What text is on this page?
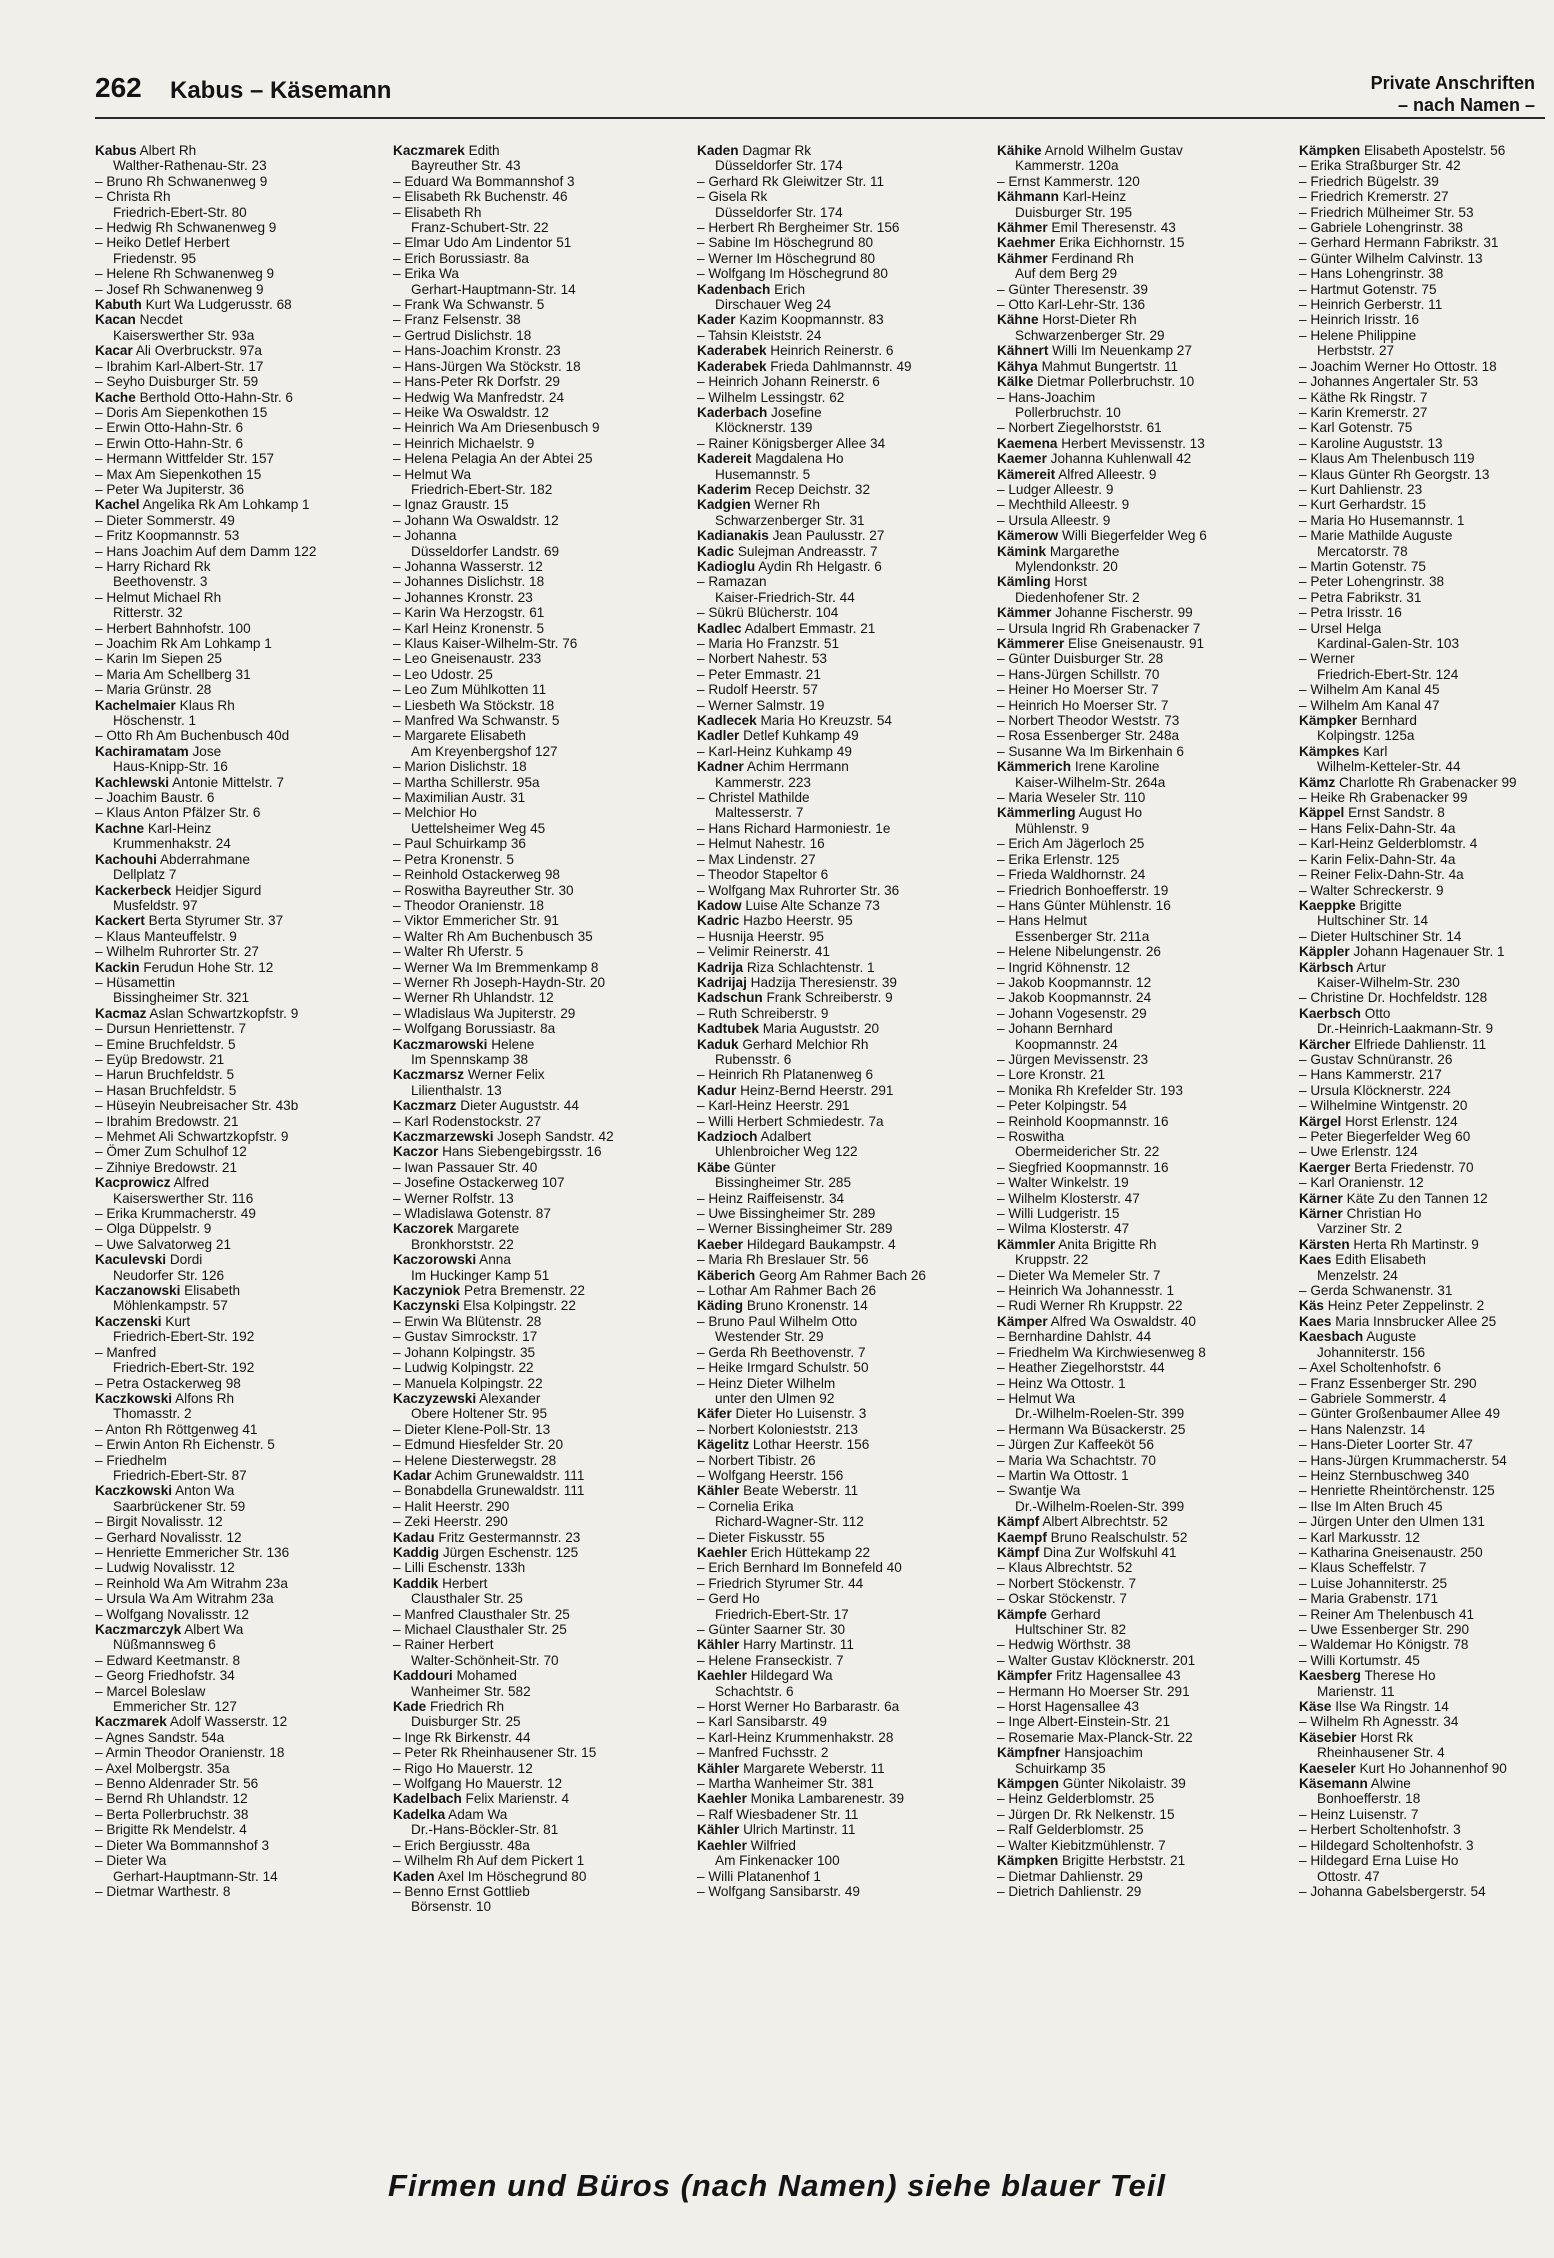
262 Kabus – Käsemann	Private Anschriften
– nach Namen –
Kabus Albert Rh
Walther-Rathenau-Str. 23
– Bruno Rh Schwanenweg 9
– Christa Rh
Friedrich-Ebert-Str. 80
– Hedwig Rh Schwanenweg 9
– Heiko Detlef Herbert
Friedenstr. 95
– Helene Rh Schwanenweg 9
– Josef Rh Schwanenweg 9
Kabuth Kurt Wa Ludgerusstr. 68
Kacan Necdet
Kaiserswerther Str. 93a
Kacar Ali Overbruckstr. 97a
– Ibrahim Karl-Albert-Str. 17
– Seyho Duisburger Str. 59
Kache Berthold Otto-Hahn-Str. 6
– Doris Am Siepenkothen 15
– Erwin Otto-Hahn-Str. 6
– Erwin Otto-Hahn-Str. 6
– Hermann Wittfelder Str. 157
– Max Am Siepenkothen 15
– Peter Wa Jupiterstr. 36
Kachel Angelika Rk Am Lohkamp 1
– Dieter Sommerstr. 49
– Fritz Koopmannstr. 53
– Hans Joachim Auf dem Damm 122
– Harry Richard Rk
Beethovenstr. 3
– Helmut Michael Rh
Ritterstr. 32
– Herbert Bahnhofstr. 100
– Joachim Rk Am Lohkamp 1
– Karin Im Siepen 25
– Maria Am Schellberg 31
– Maria Grünstr. 28
Kachelmaier Klaus Rh
Höschenstr. 1
– Otto Rh Am Buchenbusch 40d
Kachiramatam Jose
Haus-Knipp-Str. 16
Kachlewski Antonie Mittelstr. 7
– Joachim Baustr. 6
– Klaus Anton Pfälzer Str. 6
Kachne Karl-Heinz
Krummenhakstr. 24
Kachouhi Abderrahmane
Dellplatz 7
Kackerbeck Heidjer Sigurd
Musfeldstr. 97
Kackert Berta Styrumer Str. 37
– Klaus Manteuffelstr. 9
– Wilhelm Ruhrorter Str. 27
Kackin Ferudun Hohe Str. 12
– Hüsamettin
Bissingheimer Str. 321
Kacmaz Aslan Schwartzkopfstr. 9
– Dursun Henriettenstr. 7
– Emine Bruchfeldstr. 5
– Eyüp Bredowstr. 21
– Harun Bruchfeldstr. 5
– Hasan Bruchfeldstr. 5
– Hüseyin Neubreisacher Str. 43b
– Ibrahim Bredowstr. 21
– Mehmet Ali Schwartzkopfstr. 9
– Ömer Zum Schulhof 12
– Zihniye Bredowstr. 21
Kacprowicz Alfred
Kaiserswerther Str. 116
– Erika Krummacherstr. 49
– Olga Düppelstr. 9
– Uwe Salvatorweg 21
Kaculevski Dordi
Neudorfer Str. 126
Kaczanowski Elisabeth
Möhlenkampstr. 57
Kaczenski Kurt
Friedrich-Ebert-Str. 192
– Manfred
Friedrich-Ebert-Str. 192
– Petra Ostackerweg 98
Kaczkowski Alfons Rh
Thomasstr. 2
– Anton Rh Röttgenweg 41
– Erwin Anton Rh Eichenstr. 5
– Friedhelm
Friedrich-Ebert-Str. 87
Kaczkowski Anton Wa
Saarbrückener Str. 59
– Birgit Novalisstr. 12
– Gerhard Novalisstr. 12
– Henriette Emmericher Str. 136
– Ludwig Novalisstr. 12
– Reinhold Wa Am Witrahm 23a
– Ursula Wa Am Witrahm 23a
– Wolfgang Novalisstr. 12
Kaczmarczyk Albert Wa
Nüßmannsweg 6
– Edward Keetmanstr. 8
– Georg Friedhofstr. 34
– Marcel Boleslaw
Emmericher Str. 127
Kaczmarek Adolf Wasserstr. 12
– Agnes Sandstr. 54a
– Armin Theodor Oranienstr. 18
– Axel Molbergstr. 35a
– Benno Aldenrader Str. 56
– Bernd Rh Uhlandstr. 12
– Berta Pollerbruchstr. 38
– Brigitte Rk Mendelstr. 4
– Dieter Wa Bommannshof 3
– Dieter Wa
Gerhart-Hauptmann-Str. 14
– Dietmar Warthestr. 8
Kaczmarek Edith
Bayreuther Str. 43
– Eduard Wa Bommannshof 3
– Elisabeth Rk Buchenstr. 46
– Elisabeth Rh
Franz-Schubert-Str. 22
– Elmar Udo Am Lindentor 51
– Erich Borussiastr. 8a
– Erika Wa
Gerhart-Hauptmann-Str. 14
– Frank Wa Schwanstr. 5
– Franz Felsenstr. 38
– Gertrud Dislichstr. 18
– Hans-Joachim Kronstr. 23
– Hans-Jürgen Wa Stöckstr. 18
– Hans-Peter Rk Dorfstr. 29
– Hedwig Wa Manfredstr. 24
– Heike Wa Oswaldstr. 12
– Heinrich Wa Am Driesenbusch 9
– Heinrich Michaelstr. 9
– Helena Pelagia An der Abtei 25
– Helmut Wa
Friedrich-Ebert-Str. 182
– Ignaz Graustr. 15
– Johann Wa Oswaldstr. 12
– Johanna
Düsseldorfer Landstr. 69
– Johanna Wasserstr. 12
– Johannes Dislichstr. 18
– Johannes Kronstr. 23
– Karin Wa Herzogstr. 61
– Karl Heinz Kronenstr. 5
– Klaus Kaiser-Wilhelm-Str. 76
– Leo Gneisenaustr. 233
– Leo Udostr. 25
– Leo Zum Mühlkotten 11
– Liesbeth Wa Stöckstr. 18
– Manfred Wa Schwanstr. 5
– Margarete Elisabeth
Am Kreyenbergshof 127
– Marion Dislichstr. 18
– Martha Schillerstr. 95a
– Maximilian Austr. 31
– Melchior Ho
Uettelsheimer Weg 45
– Paul Schuirkamp 36
– Petra Kronenstr. 5
– Reinhold Ostackerweg 98
– Roswitha Bayreuther Str. 30
– Theodor Oranienstr. 18
– Viktor Emmericher Str. 91
– Walter Rh Am Buchenbusch 35
– Walter Rh Uferstr. 5
– Werner Wa Im Bremmenkamp 8
– Werner Rh Joseph-Haydn-Str. 20
– Werner Rh Uhlandstr. 12
– Wladislaus Wa Jupiterstr. 29
– Wolfgang Borussiastr. 8a
Kaczmarowski Helene
Im Spennskamp 38
Kaczmarsz Werner Felix
Lilienthalstr. 13
Kaczmarz Dieter Auguststr. 44
– Karl Rodenstockstr. 27
Kaczmarzewski Joseph Sandstr. 42
Kaczor Hans Siebengebirgsstr. 16
– Iwan Passauer Str. 40
– Josefine Ostackerweg 107
– Werner Rolfstr. 13
– Wladislawa Gotenstr. 87
Kaczorek Margarete
Bronkhorststr. 22
Kaczorowski Anna
Im Huckinger Kamp 51
Kaczyniok Petra Bremenstr. 22
Kaczynski Elsa Kolpingstr. 22
– Erwin Wa Blütenstr. 28
– Gustav Simrockstr. 17
– Johann Kolpingstr. 35
– Ludwig Kolpingstr. 22
– Manuela Kolpingstr. 22
Kaczyzewski Alexander
Obere Holtener Str. 95
– Dieter Klene-Poll-Str. 13
– Edmund Hiesfelder Str. 20
– Helene Diesterwegstr. 28
Kadar Achim Grunewaldstr. 111
– Bonabdella Grunewaldstr. 111
– Halit Heerstr. 290
– Zeki Heerstr. 290
Kadau Fritz Gestermannstr. 23
Kaddig Jürgen Eschenstr. 125
– Lilli Eschenstr. 133h
Kaddik Herbert
Clausthaler Str. 25
– Manfred Clausthaler Str. 25
– Michael Clausthaler Str. 25
– Rainer Herbert
Walter-Schönheit-Str. 70
Kaddouri Mohamed
Wanheimer Str. 582
Kade Friedrich Rh
Duisburger Str. 25
– Inge Rk Birkenstr. 44
– Peter Rk Rheinhausener Str. 15
– Rigo Ho Mauerstr. 12
– Wolfgang Ho Mauerstr. 12
Kadelbach Felix Marienstr. 4
Kadelka Adam Wa
Dr.-Hans-Böckler-Str. 81
– Erich Bergiusstr. 48a
– Wilhelm Rh Auf dem Pickert 1
Kaden Axel Im Höschegrund 80
– Benno Ernst Gottlieb
Börsenstr. 10
Kaden Dagmar Rk
Düsseldorfer Str. 174
– Gerhard Rk Gleiwitzer Str. 11
– Gisela Rk
Düsseldorfer Str. 174
– Herbert Rh Bergheimer Str. 156
– Sabine Im Höschegrund 80
– Werner Im Höschegrund 80
– Wolfgang Im Höschegrund 80
Kadenbach Erich
Dirschauer Weg 24
Kader Kazim Koopmannstr. 83
– Tahsin Kleiststr. 24
Kaderabek Heinrich Reinerstr. 6
Kaderabek Frieda Dahlmannstr. 49
– Heinrich Johann Reinerstr. 6
– Wilhelm Lessingstr. 62
Kaderbach Josefine
Klöcknerstr. 139
– Rainer Königsberger Allee 34
Kadereit Magdalena Ho
Husemannstr. 5
Kaderim Recep Deichstr. 32
Kadgien Werner Rh
Schwarzenberger Str. 31
Kadianakis Jean Paulusstr. 27
Kadic Sulejman Andreasstr. 7
Kadioglu Aydin Rh Helgastr. 6
– Ramazan
Kaiser-Friedrich-Str. 44
– Sükrü Blücherstr. 104
Kadlec Adalbert Emmastr. 21
– Maria Ho Franzstr. 51
– Norbert Nahestr. 53
– Peter Emmastr. 21
– Rudolf Heerstr. 57
– Werner Salmstr. 19
Kadlecek Maria Ho Kreuzstr. 54
Kadler Detlef Kuhkamp 49
– Karl-Heinz Kuhkamp 49
Kadner Achim Herrmann
Kammerstr. 223
– Christel Mathilde
Maltesserstr. 7
– Hans Richard Harmoniestr. 1e
– Helmut Nahestr. 16
– Max Lindenstr. 27
– Theodor Stapeltor 6
– Wolfgang Max Ruhrorter Str. 36
Kadow Luise Alte Schanze 73
Kadric Hazbo Heerstr. 95
– Husnija Heerstr. 95
– Velimir Reinerstr. 41
Kadrija Riza Schlachtenstr. 1
Kadrijaj Hadzija Theresienstr. 39
Kadschun Frank Schreiberstr. 9
– Ruth Schreiberstr. 9
Kadtubek Maria Auguststr. 20
Kaduk Gerhard Melchior Rh
Rubensstr. 6
– Heinrich Rh Platanenweg 6
Kadur Heinz-Bernd Heerstr. 291
– Karl-Heinz Heerstr. 291
– Willi Herbert Schmiedestr. 7a
Kadzioch Adalbert
Uhlenbroicher Weg 122
Käbe Günter
Bissingheimer Str. 285
– Heinz Raiffeisenstr. 34
– Uwe Bissingheimer Str. 289
– Werner Bissingheimer Str. 289
Kaeber Hildegard Baukampstr. 4
– Maria Rh Breslauer Str. 56
Käberich Georg Am Rahmer Bach 26
– Lothar Am Rahmer Bach 26
Käding Bruno Kronenstr. 14
– Bruno Paul Wilhelm Otto
Westender Str. 29
– Gerda Rh Beethovenstr. 7
– Heike Irmgard Schulstr. 50
– Heinz Dieter Wilhelm
unter den Ulmen 92
Käfer Dieter Ho Luisenstr. 3
– Norbert Kolonieststr. 213
Kägelitz Lothar Heerstr. 156
– Norbert Tibistr. 26
– Wolfgang Heerstr. 156
Kähler Beate Weberstr. 11
– Cornelia Erika
Richard-Wagner-Str. 112
– Dieter Fiskusstr. 55
Kaehler Erich Hüttekamp 22
– Erich Bernhard Im Bonnefeld 40
– Friedrich Styrumer Str. 44
– Gerd Ho
Friedrich-Ebert-Str. 17
– Günter Saarner Str. 30
Kähler Harry Martinstr. 11
– Helene Franseckistr. 7
Kaehler Hildegard Wa
Schachtstr. 6
– Horst Werner Ho Barbarastr. 6a
– Karl Sansibarstr. 49
– Karl-Heinz Krummenhakstr. 28
– Manfred Fuchsstr. 2
Kähler Margarete Weberstr. 11
– Martha Wanheimer Str. 381
Kaehler Monika Lambarenestr. 39
– Ralf Wiesbadener Str. 11
Kähler Ulrich Martinstr. 11
Kaehler Wilfried
Am Finkenacker 100
– Willi Platanenhof 1
– Wolfgang Sansibarstr. 49
Kähike Arnold Wilhelm Gustav
Kammerstr. 120a
– Ernst Kammerstr. 120
Kähmann Karl-Heinz
Duisburger Str. 195
Kähmer Emil Theresenstr. 43
Kaehmer Erika Eichhornstr. 15
Kähmer Ferdinand Rh
Auf dem Berg 29
– Günter Theresenstr. 39
– Otto Karl-Lehr-Str. 136
Kähne Horst-Dieter Rh
Schwarzenberger Str. 29
Kähnert Willi Im Neuenkamp 27
Kähya Mahmut Bungertstr. 11
Kälke Dietmar Pollerbruchstr. 10
– Hans-Joachim
Pollerbruchstr. 10
– Norbert Ziegelhorststr. 61
Kaemena Herbert Mevissenstr. 13
Kaemer Johanna Kuhlenwall 42
Kämereit Alfred Alleestr. 9
– Ludger Alleestr. 9
– Mechthild Alleestr. 9
– Ursula Alleestr. 9
Kämerow Willi Biegerfelder Weg 6
Kämink Margarethe
Mylendonkstr. 20
Kämling Horst
Diedenhofener Str. 2
Kämmer Johanne Fischerstr. 99
– Ursula Ingrid Rh Grabenacker 7
Kämmerer Elise Gneisenaustr. 91
– Günter Duisburger Str. 28
– Hans-Jürgen Schillstr. 70
– Heiner Ho Moerser Str. 7
– Heinrich Ho Moerser Str. 7
– Norbert Theodor Weststr. 73
– Rosa Essenberger Str. 248a
– Susanne Wa Im Birkenhain 6
Kämmerich Irene Karoline
Kaiser-Wilhelm-Str. 264a
– Maria Weseler Str. 110
Kämmerling August Ho
Mühlenstr. 9
– Erich Am Jägerloch 25
– Erika Erlenstr. 125
– Frieda Waldhornstr. 24
– Friedrich Bonhoefferstr. 19
– Hans Günter Mühlenstr. 16
– Hans Helmut
Essenberger Str. 211a
– Helene Nibelungenstr. 26
– Ingrid Köhnenstr. 12
– Jakob Koopmannstr. 12
– Jakob Koopmannstr. 24
– Johann Vogesenstr. 29
– Johann Bernhard
Koopmannstr. 24
– Jürgen Mevissenstr. 23
– Lore Kronstr. 21
– Monika Rh Krefelder Str. 193
– Peter Kolpingstr. 54
– Reinhold Koopmannstr. 16
– Roswitha
Obermeidericher Str. 22
– Siegfried Koopmannstr. 16
– Walter Winkelstr. 19
– Wilhelm Klosterstr. 47
– Willi Ludgeristr. 15
– Wilma Klosterstr. 47
Kämmler Anita Brigitte Rh
Kruppstr. 22
– Dieter Wa Memeler Str. 7
– Heinrich Wa Johannesstr. 1
– Rudi Werner Rh Kruppstr. 22
Kämper Alfred Wa Oswaldstr. 40
– Bernhardine Dahlstr. 44
– Friedhelm Wa Kirchwiesenweg 8
– Heather Ziegelhorststr. 44
– Heinz Wa Ottostr. 1
– Helmut Wa
Dr.-Wilhelm-Roelen-Str. 399
– Hermann Wa Büsackerstr. 25
– Jürgen Zur Kaffeeköt 56
– Maria Wa Schachtstr. 70
– Martin Wa Ottostr. 1
– Swantje Wa
Dr.-Wilhelm-Roelen-Str. 399
Kämpf Albert Albrechtstr. 52
Kaempf Bruno Realschulstr. 52
Kämpf Dina Zur Wolfskuhl 41
– Klaus Albrechtstr. 52
– Norbert Stöckenstr. 7
– Oskar Stöckenstr. 7
Kämpfe Gerhard
Hultschiner Str. 82
– Hedwig Wörthstr. 38
– Walter Gustav Klöcknerstr. 201
Kämpfer Fritz Hagensallee 43
– Hermann Ho Moerser Str. 291
– Horst Hagensallee 43
– Inge Albert-Einstein-Str. 21
– Rosemarie Max-Planck-Str. 22
Kämpfner Hansjoachim
Schuirkamp 35
Kämpgen Günter Nikolaistr. 39
– Heinz Gelderblomstr. 25
– Jürgen Dr. Rk Nelkenstr. 15
– Ralf Gelderblomstr. 25
– Walter Kiebitzmühlenstr. 7
Kämpken Brigitte Herbststr. 21
– Dietmar Dahlienstr. 29
– Dietrich Dahlienstr. 29
Kämpken Elisabeth Apostelstr. 56
– Erika Straßburger Str. 42
– Friedrich Bügelstr. 39
– Friedrich Kremerstr. 27
– Friedrich Mülheimer Str. 53
– Gabriele Lohengrinstr. 38
– Gerhard Hermann Fabrikstr. 31
– Günter Wilhelm Calvinstr. 13
– Hans Lohengrinstr. 38
– Hartmut Gotenstr. 75
– Heinrich Gerberstr. 11
– Heinrich Irisstr. 16
– Helene Philippine
Herbststr. 27
– Joachim Werner Ho Ottostr. 18
– Johannes Angertaler Str. 53
– Käthe Rk Ringstr. 7
– Karin Kremerstr. 27
– Karl Gotenstr. 75
– Karoline Auguststr. 13
– Klaus Am Thelenbusch 119
– Klaus Günter Rh Georgstr. 13
– Kurt Dahlienstr. 23
– Kurt Gerhardstr. 15
– Maria Ho Husemannstr. 1
– Marie Mathilde Auguste
Mercatorstr. 78
– Martin Gotenstr. 75
– Peter Lohengrinstr. 38
– Petra Fabrikstr. 31
– Petra Irisstr. 16
– Ursel Helga
Kardinal-Galen-Str. 103
– Werner
Friedrich-Ebert-Str. 124
– Wilhelm Am Kanal 45
– Wilhelm Am Kanal 47
Kämpker Bernhard
Kolpingstr. 125a
Kämpkes Karl
Wilhelm-Ketteler-Str. 44
Kämz Charlotte Rh Grabenacker 99
– Heike Rh Grabenacker 99
Käppel Ernst Sandstr. 8
– Hans Felix-Dahn-Str. 4a
– Karl-Heinz Gelderblomstr. 4
– Karin Felix-Dahn-Str. 4a
– Reiner Felix-Dahn-Str. 4a
– Walter Schreckerstr. 9
Kaeppke Brigitte
Hultschiner Str. 14
– Dieter Hultschiner Str. 14
Käppler Johann Hagenauer Str. 1
Kärbsch Artur
Kaiser-Wilhelm-Str. 230
– Christine Dr. Hochfeldstr. 128
Kaerbsch Otto
Dr.-Heinrich-Laakmann-Str. 9
Kärcher Elfriede Dahlienstr. 11
– Gustav Schnüranstr. 26
– Hans Kammerstr. 217
– Ursula Klöcknerstr. 224
– Wilhelmine Wintgenstr. 20
Kärgel Horst Erlenstr. 124
– Peter Biegerfelder Weg 60
– Uwe Erlenstr. 124
Kaerger Berta Friedenstr. 70
– Karl Oranienstr. 12
Kärner Käte Zu den Tannen 12
Kärner Christian Ho
Varziner Str. 2
Kärsten Herta Rh Martinstr. 9
Kaes Edith Elisabeth
Menzelstr. 24
– Gerda Schwanenstr. 31
Käs Heinz Peter Zeppelinstr. 2
Kaes Maria Innsbrucker Allee 25
Kaesbach Auguste
Johanniterstr. 156
– Axel Scholtenhofstr. 6
– Franz Essenberger Str. 290
– Gabriele Sommerstr. 4
– Günter Großenbaumer Allee 49
– Hans Nalenzstr. 14
– Hans-Dieter Loorter Str. 47
– Hans-Jürgen Krummacherstr. 54
– Heinz Sternbuschweg 340
– Henriette Rheintörchenstr. 125
– Ilse Im Alten Bruch 45
– Jürgen Unter den Ulmen 131
– Karl Markusstr. 12
– Katharina Gneisenaustr. 250
– Klaus Scheffelstr. 7
– Luise Johanniterstr. 25
– Maria Grabenstr. 171
– Reiner Am Thelenbusch 41
– Uwe Essenberger Str. 290
– Waldemar Ho Königstr. 78
– Willi Kortumstr. 45
Kaesberg Therese Ho
Marienstr. 11
Käse Ilse Wa Ringstr. 14
– Wilhelm Rh Agnesstr. 34
Käsebier Horst Rk
Rheinhausener Str. 4
Kaeseler Kurt Ho Johannenhof 90
Käsemann Alwine
Bonhoefferstr. 18
– Heinz Luisenstr. 7
– Herbert Scholtenhofstr. 3
– Hildegard Scholtenhofstr. 3
– Hildegard Erna Luise Ho
Ottostr. 47
– Johanna Gabelsbergerstr. 54
Firmen und Büros (nach Namen) siehe blauer Teil
